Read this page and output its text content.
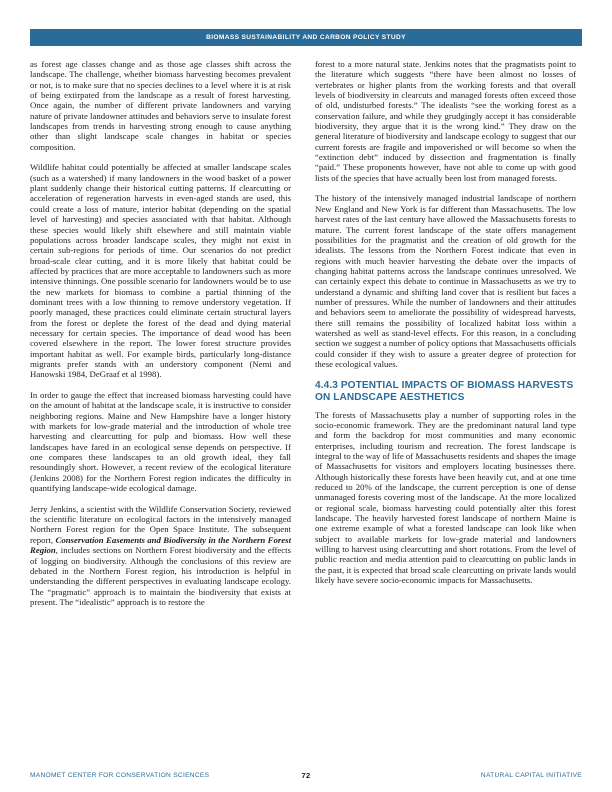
BIOMASS SUSTAINABILITY AND CARBON POLICY STUDY

as forest age classes change and as those age classes shift across the landscape. The challenge, whether biomass harvesting becomes prevalent or not, is to make sure that no species declines to a level where it is at risk of being extirpated from the landscape as a result of forest harvesting. Once again, the number of different private landowners and varying nature of private landowner attitudes and behaviors serve to insulate forest landscapes from trends in harvesting strong enough to cause anything other than slight landscape scale changes in habitat or species composition.

Wildlife habitat could potentially be affected at smaller landscape scales (such as a watershed) if many landowners in the wood basket of a power plant suddenly change their historical cutting patterns. If clearcutting or acceleration of regeneration harvests in even-aged stands are used, this could create a loss of mature, interior habitat (depending on the spatial level of harvesting) and species associated with that habitat. Although these species would likely shift elsewhere and still maintain viable populations across broader landscape scales, they might not exist in certain sub-regions for periods of time. Our scenarios do not predict broad-scale clear cutting, and it is more likely that habitat could be affected by practices that are more acceptable to landowners such as more intensive thinnings. One possible scenario for landowners would be to use the new markets for biomass to combine a partial thinning of the dominant trees with a low thinning to remove understory vegetation. If poorly managed, these practices could eliminate certain structural layers from the forest or deplete the forest of the dead and dying material necessary for certain species. The importance of dead wood has been covered elsewhere in the report. The lower forest structure provides important habitat as well. For example birds, particularly long-distance migrants prefer stands with an understory component (Nemi and Hanowski 1984, DeGraaf et al 1998).

In order to gauge the effect that increased biomass harvesting could have on the amount of habitat at the landscape scale, it is instructive to consider neighboring regions. Maine and New Hampshire have a longer history with markets for low-grade material and the introduction of whole tree harvesting and clearcutting for pulp and biomass. How well these landscapes have fared in an ecological sense depends on perspective. If one compares these landscapes to an old growth ideal, they fall resoundingly short. However, a recent review of the ecological literature (Jenkins 2008) for the Northern Forest region indicates the difficulty in quantifying landscape-wide ecological damage.

Jerry Jenkins, a scientist with the Wildlife Conservation Society, reviewed the scientific literature on ecological factors in the intensively managed Northern Forest region for the Open Space Institute. The subsequent report, Conservation Easements and Biodiversity in the Northern Forest Region, includes sections on Northern Forest biodiversity and the effects of logging on biodiversity. Although the conclusions of this review are debated in the Northern Forest region, his introduction is helpful in understanding the different perspectives in evaluating landscape ecology. The “pragmatic” approach is to maintain the biodiversity that exists at present. The “idealistic” approach is to restore the

forest to a more natural state. Jenkins notes that the pragmatists point to the literature which suggests “there have been almost no losses of vertebrates or higher plants from the working forests and that overall levels of biodiversity in clearcuts and managed forests often exceed those of old, undisturbed forests.” The idealists “see the working forest as a conservation failure, and while they grudgingly accept it has considerable biodiversity, they argue that it is the wrong kind.” They draw on the general literature of biodiversity and landscape ecology to suggest that our current forests are fragile and impoverished or will become so when the “extinction debt” induced by dissection and fragmentation is finally “paid.” These proponents however, have not able to come up with good lists of the species that have actually been lost from managed forests.

The history of the intensively managed industrial landscape of northern New England and New York is far different than Massachusetts. The low harvest rates of the last century have allowed the Massachusetts forests to mature. The current forest landscape of the state offers management possibilities for the pragmatist and the creation of old growth for the idealists. The lessons from the Northern Forest indicate that even in regions with much heavier harvesting the debate over the impacts of changing habitat patterns across the landscape continues unresolved. We can certainly expect this debate to continue in Massachusetts as we try to understand a dynamic and shifting land cover that is resilient but faces a number of pressures. While the number of landowners and their attitudes and behaviors seem to ameliorate the possibility of widespread harvests, there still remains the possibility of localized habitat loss within a watershed as well as stand-level effects. For this reason, in a concluding section we suggest a number of policy options that Massachusetts officials could consider if they wish to assure a greater degree of protection for these ecological values.

4.4.3 POTENTIAL IMPACTS OF BIOMASS HARVESTS ON LANDSCAPE AESTHETICS

The forests of Massachusetts play a number of supporting roles in the socio-economic framework. They are the predominant natural land type and form the backdrop for most communities and many economic enterprises, including tourism and recreation. The forest landscape is integral to the way of life of Massachusetts residents and shapes the image of Massachusetts for visitors and employers locating businesses there. Although historically these forests have been heavily cut, and at one time reduced to 20% of the landscape, the current perception is one of dense unmanaged forests covering most of the landscape. At the more localized or regional scale, biomass harvesting could potentially alter this forest landscape. The heavily harvested forest landscape of northern Maine is one extreme example of what a forested landscape can look like when subject to available markets for low-grade material and landowners willing to harvest using clearcutting and short rotations. From the level of public reaction and media attention paid to clearcutting on public lands in the past, it is expected that broad scale clearcutting on private lands would likely have severe socio-economic impacts for Massachusetts.

MANOMET CENTER FOR CONSERVATION SCIENCES	72	NATURAL CAPITAL INITIATIVE
